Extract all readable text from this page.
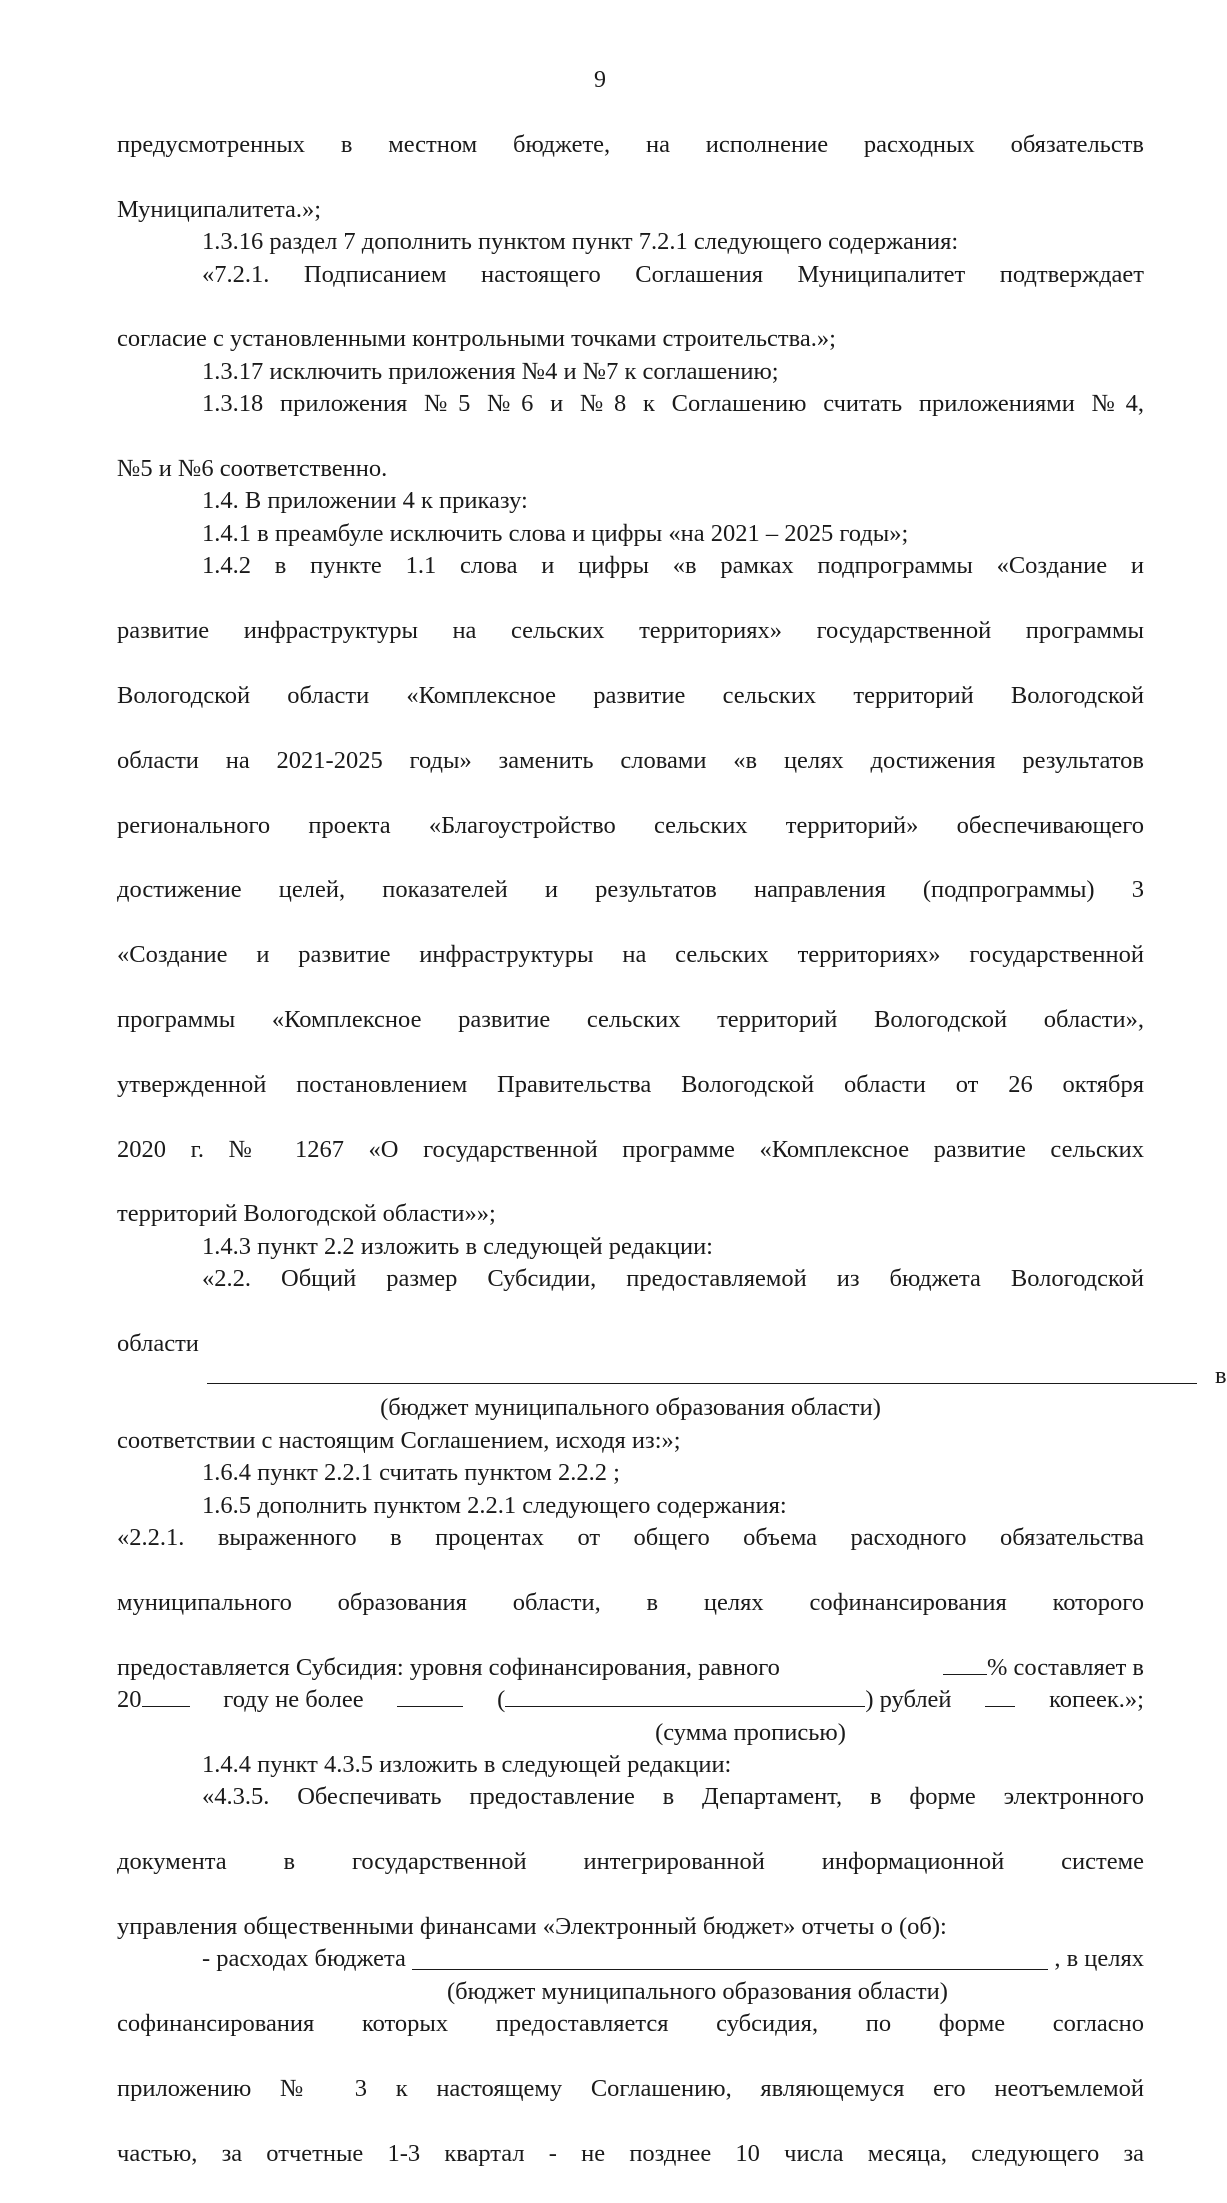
9

предусмотренных в местном бюджете, на исполнение расходных обязательств

Муниципалитета.»;

1.3.16 раздел 7 дополнить пунктом пункт 7.2.1 следующего содержания:

«7.2.1. Подписанием настоящего Соглашения Муниципалитет подтверждает

согласие с установленными контрольными точками строительства.»;

1.3.17 исключить приложения №4 и №7 к соглашению;

1.3.18 приложения №5 №6 и №8 к Соглашению считать приложениями №4,

№5 и №6 соответственно.

1.4. В приложении 4 к приказу:

1.4.1 в преамбуле исключить слова и цифры «на 2021 – 2025 годы»;

1.4.2 в пункте 1.1 слова и цифры «в рамках подпрограммы «Создание и

развитие инфраструктуры на сельских территориях» государственной программы

Вологодской области «Комплексное развитие сельских территорий Вологодской

области на 2021-2025 годы» заменить словами «в целях достижения результатов

регионального проекта «Благоустройство сельских территорий» обеспечивающего

достижение целей, показателей и результатов направления (подпрограммы) 3

«Создание и развитие инфраструктуры на сельских территориях» государственной

программы «Комплексное развитие сельских территорий Вологодской области»,

утвержденной постановлением Правительства Вологодской области от 26 октября

2020 г. № 1267 «О государственной программе «Комплексное развитие сельских

территорий Вологодской области»»;

1.4.3 пункт 2.2 изложить в следующей редакции:

«2.2. Общий размер Субсидии, предоставляемой из бюджета Вологодской

области

в

(бюджет муниципального образования области)

соответствии с настоящим Соглашением, исходя из:»;

1.6.4 пункт 2.2.1 считать пунктом 2.2.2 ;

1.6.5 дополнить пунктом 2.2.1 следующего содержания:

«2.2.1. выраженного в процентах от общего объема расходного обязательства

муниципального образования области, в целях софинансирования которого

предоставляется Субсидия: уровня софинансирования, равного	% составляет в
20	году не более	(	) рублей	копеек.»;

(сумма прописью)

1.4.4 пункт 4.3.5 изложить в следующей редакции:

«4.3.5. Обеспечивать предоставление в Департамент, в форме электронного

документа в государственной интегрированной информационной системе

управления общественными финансами «Электронный бюджет» отчеты о (об):

- расходах бюджета	, в целях

(бюджет муниципального образования области)

софинансирования которых предоставляется субсидия, по форме согласно

приложению № 3 к настоящему Соглашению, являющемуся его неотъемлемой

частью, за отчетные 1-3 квартал - не позднее 10 числа месяца, следующего за
